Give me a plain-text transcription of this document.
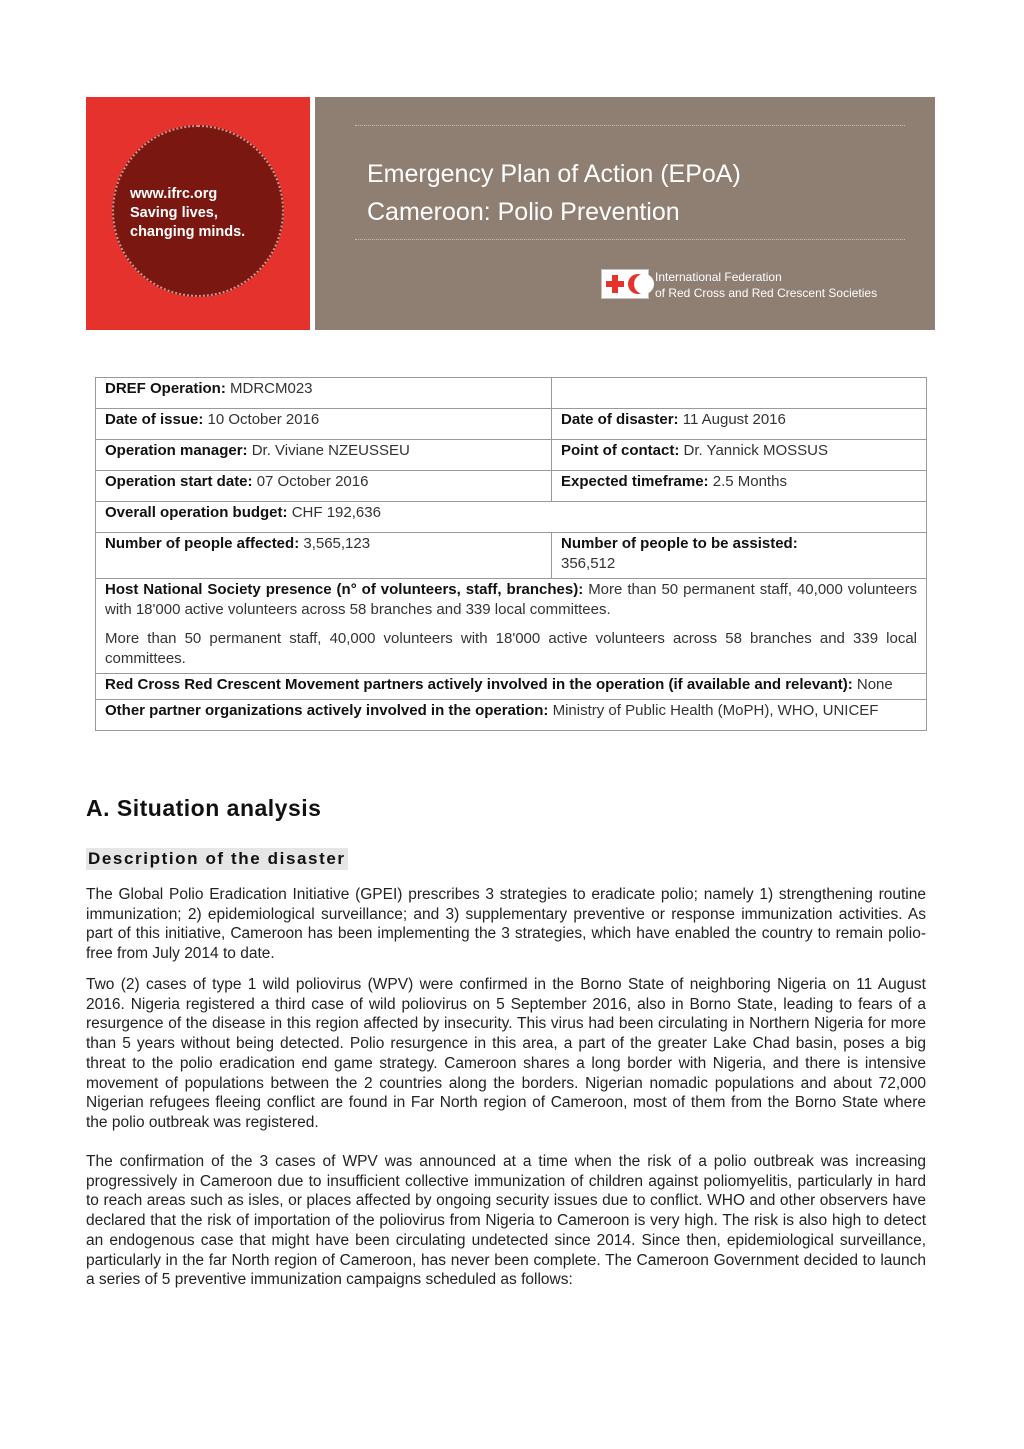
www.ifrc.org
Saving lives,
changing minds.
Emergency Plan of Action (EPoA)
Cameroon: Polio Prevention
International Federation
of Red Cross and Red Crescent Societies
DREF Operation: MDRCM023	
Date of issue: 10 October 2016	Date of disaster: 11 August 2016
Operation manager: Dr. Viviane NZEUSSEU	Point of contact: Dr. Yannick MOSSUS
Operation start date: 07 October 2016	Expected timeframe: 2.5 Months
Overall operation budget: CHF 192,636	
Number of people affected: 3,565,123	Number of people to be assisted:
356,512

Host National Society presence (n° of volunteers, staff, branches): More than 50 permanent staff, 40,000 volunteers with 18'000 active volunteers across 58 branches and 339 local committees.
More than 50 permanent staff, 40,000 volunteers with 18'000 active volunteers across 58 branches and 339 local committees.	

Red Cross Red Crescent Movement partners actively involved in the operation (if available and relevant): None	
Other partner organizations actively involved in the operation: Ministry of Public Health (MoPH), WHO, UNICEF	
A. Situation analysis
Description of the disaster

The Global Polio Eradication Initiative (GPEI) prescribes 3 strategies to eradicate polio; namely 1) strengthening routine immunization; 2) epidemiological surveillance; and 3) supplementary preventive or response immunization activities. As part of this initiative, Cameroon has been implementing the 3 strategies, which have enabled the country to remain polio-free from July 2014 to date.

Two (2) cases of type 1 wild poliovirus (WPV) were confirmed in the Borno State of neighboring Nigeria on 11 August 2016. Nigeria registered a third case of wild poliovirus on 5 September 2016, also in Borno State, leading to fears of a resurgence of the disease in this region affected by insecurity. This virus had been circulating in Northern Nigeria for more than 5 years without being detected. Polio resurgence in this area, a part of the greater Lake Chad basin, poses a big threat to the polio eradication end game strategy. Cameroon shares a long border with Nigeria, and there is intensive movement of populations between the 2 countries along the borders. Nigerian nomadic populations and about 72,000 Nigerian refugees fleeing conflict are found in Far North region of Cameroon, most of them from the Borno State where the polio outbreak was registered.

The confirmation of the 3 cases of WPV was announced at a time when the risk of a polio outbreak was increasing progressively in Cameroon due to insufficient collective immunization of children against poliomyelitis, particularly in hard to reach areas such as isles, or places affected by ongoing security issues due to conflict. WHO and other observers have declared that the risk of importation of the poliovirus from Nigeria to Cameroon is very high. The risk is also high to detect an endogenous case that might have been circulating undetected since 2014. Since then, epidemiological surveillance, particularly in the far North region of Cameroon, has never been complete. The Cameroon Government decided to launch a series of 5 preventive immunization campaigns scheduled as follows:
